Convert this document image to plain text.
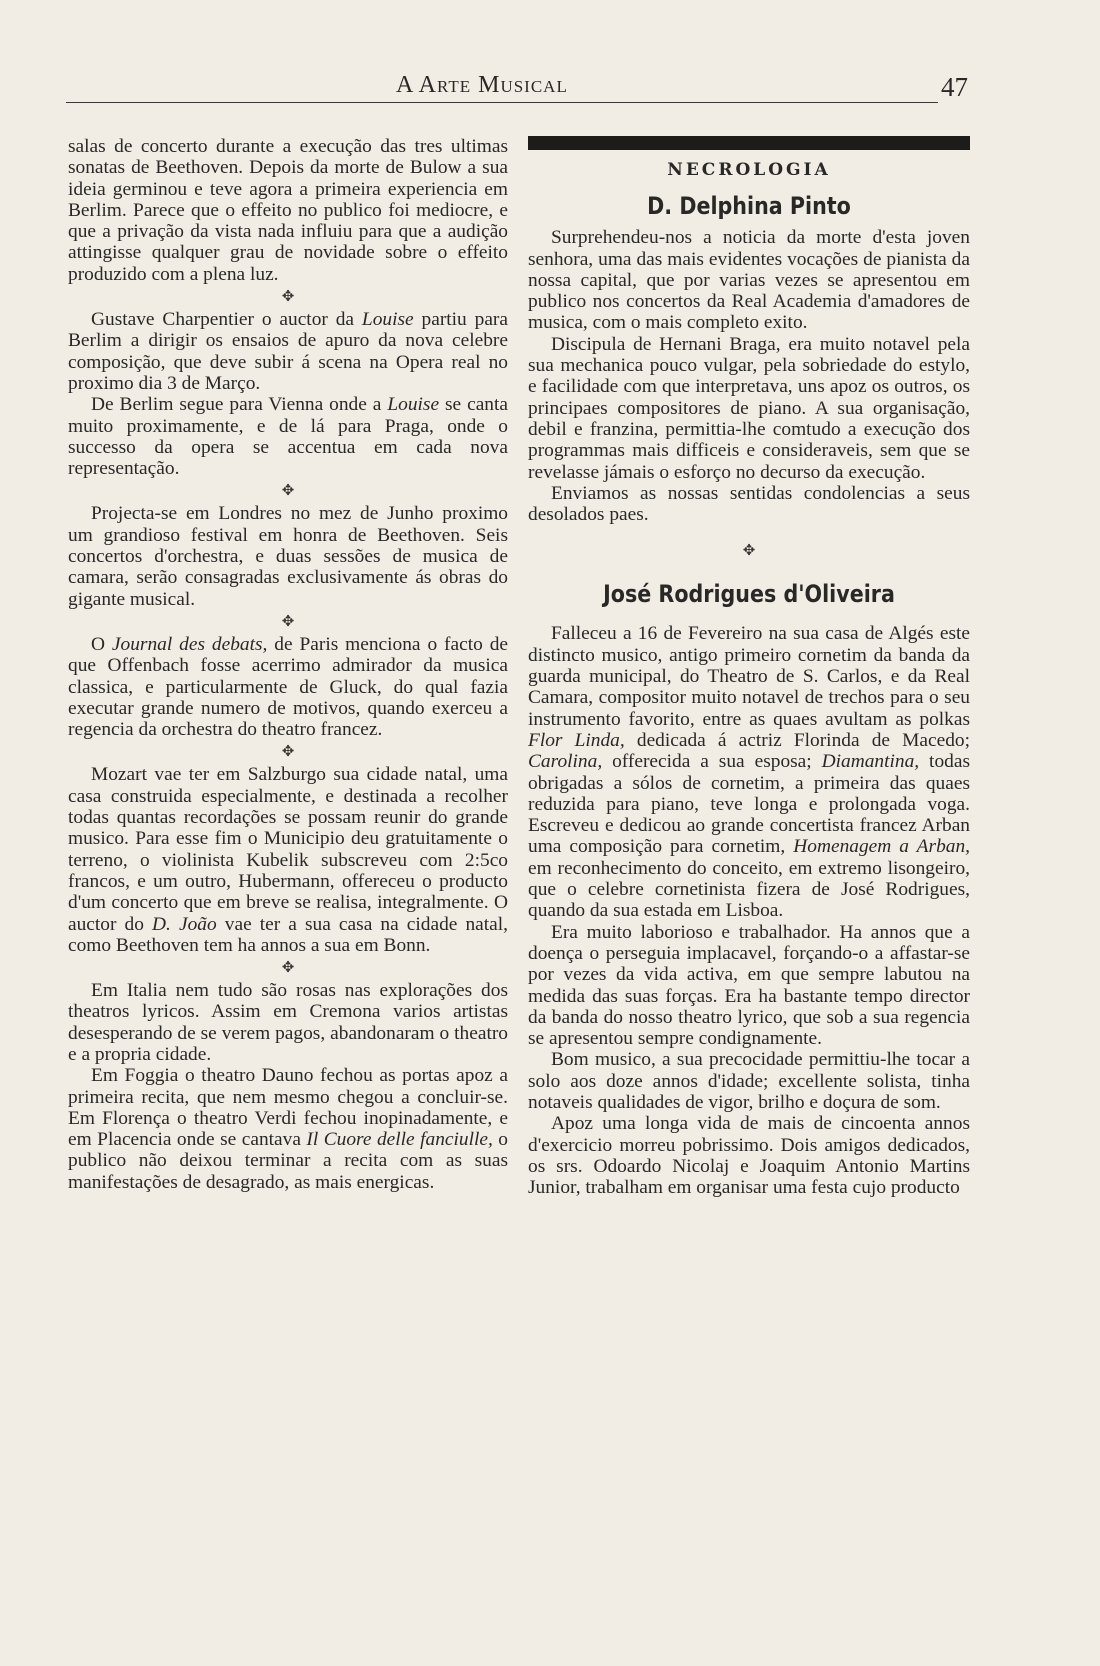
A Arte Musical	47

salas de concerto durante a execução das tres ultimas sonatas de Beethoven. Depois da morte de Bulow a sua ideia germinou e teve agora a primeira experiencia em Berlim. Parece que o effeito no publico foi mediocre, e que a privação da vista nada influiu para que a audição attingisse qualquer grau de novidade sobre o effeito produzido com a plena luz.

✥

Gustave Charpentier o auctor da Louise partiu para Berlim a dirigir os ensaios de apuro da nova celebre composição, que deve subir á scena na Opera real no proximo dia 3 de Março.

De Berlim segue para Vienna onde a Louise se canta muito proximamente, e de lá para Praga, onde o successo da opera se accentua em cada nova representação.

✥

Projecta-se em Londres no mez de Junho proximo um grandioso festival em honra de Beethoven. Seis concertos d'orchestra, e duas sessões de musica de camara, serão consagradas exclusivamente ás obras do gigante musical.

✥

O Journal des debats, de Paris menciona o facto de que Offenbach fosse acerrimo admirador da musica classica, e particularmente de Gluck, do qual fazia executar grande numero de motivos, quando exerceu a regencia da orchestra do theatro francez.

✥

Mozart vae ter em Salzburgo sua cidade natal, uma casa construida especialmente, e destinada a recolher todas quantas recordações se possam reunir do grande musico. Para esse fim o Municipio deu gratuitamente o terreno, o violinista Kubelik subscreveu com 2:5co francos, e um outro, Hubermann, offereceu o producto d'um concerto que em breve se realisa, integralmente. O auctor do D. João vae ter a sua casa na cidade natal, como Beethoven tem ha annos a sua em Bonn.

✥

Em Italia nem tudo são rosas nas explorações dos theatros lyricos. Assim em Cremona varios artistas desesperando de se verem pagos, abandonaram o theatro e a propria cidade.

Em Foggia o theatro Dauno fechou as portas apoz a primeira recita, que nem mesmo chegou a concluir-se. Em Florença o theatro Verdi fechou inopinadamente, e em Placencia onde se cantava Il Cuore delle fanciulle, o publico não deixou terminar a recita com as suas manifestações de desagrado, as mais energicas.

NECROLOGIA
D. Delphina Pinto

Surprehendeu-nos a noticia da morte d'esta joven senhora, uma das mais evidentes vocações de pianista da nossa capital, que por varias vezes se apresentou em publico nos concertos da Real Academia d'amadores de musica, com o mais completo exito.

Discipula de Hernani Braga, era muito notavel pela sua mechanica pouco vulgar, pela sobriedade do estylo, e facilidade com que interpretava, uns apoz os outros, os principaes compositores de piano. A sua organisação, debil e franzina, permittia-lhe comtudo a execução dos programmas mais difficeis e consideraveis, sem que se revelasse jámais o esforço no decurso da execução.

Enviamos as nossas sentidas condolencias a seus desolados paes.

✥
José Rodrigues d'Oliveira

Falleceu a 16 de Fevereiro na sua casa de Algés este distincto musico, antigo primeiro cornetim da banda da guarda municipal, do Theatro de S. Carlos, e da Real Camara, compositor muito notavel de trechos para o seu instrumento favorito, entre as quaes avultam as polkas Flor Linda, dedicada á actriz Florinda de Macedo; Carolina, offerecida a sua esposa; Diamantina, todas obrigadas a sólos de cornetim, a primeira das quaes reduzida para piano, teve longa e prolongada voga. Escreveu e dedicou ao grande concertista francez Arban uma composição para cornetim, Homenagem a Arban, em reconhecimento do conceito, em extremo lisongeiro, que o celebre cornetinista fizera de José Rodrigues, quando da sua estada em Lisboa.

Era muito laborioso e trabalhador. Ha annos que a doença o perseguia implacavel, forçando-o a affastar-se por vezes da vida activa, em que sempre labutou na medida das suas forças. Era ha bastante tempo director da banda do nosso theatro lyrico, que sob a sua regencia se apresentou sempre condignamente.

Bom musico, a sua precocidade permittiu-lhe tocar a solo aos doze annos d'idade; excellente solista, tinha notaveis qualidades de vigor, brilho e doçura de som.

Apoz uma longa vida de mais de cincoenta annos d'exercicio morreu pobrissimo. Dois amigos dedicados, os srs. Odoardo Nicolaj e Joaquim Antonio Martins Junior, trabalham em organisar uma festa cujo producto
